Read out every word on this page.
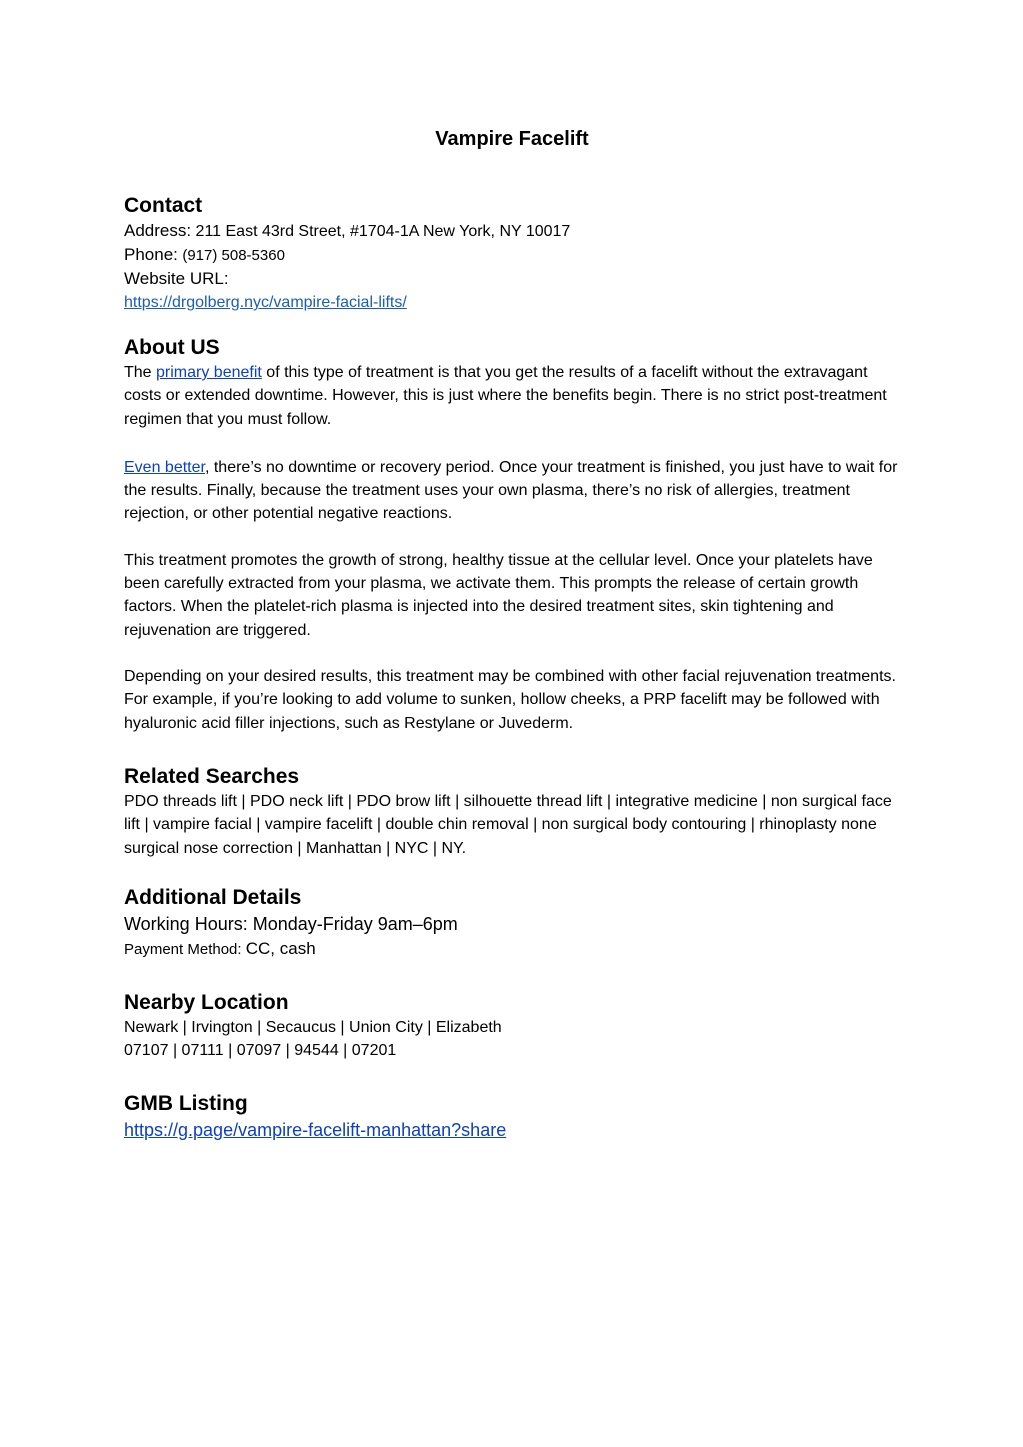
Vampire Facelift
Contact
Address: 211 East 43rd Street, #1704-1A New York, NY 10017
Phone: (917) 508-5360
Website URL:
https://drgolberg.nyc/vampire-facial-lifts/
About US

The primary benefit of this type of treatment is that you get the results of a facelift without the extravagant costs or extended downtime. However, this is just where the benefits begin. There is no strict post-treatment regimen that you must follow.

Even better, there’s no downtime or recovery period. Once your treatment is finished, you just have to wait for the results. Finally, because the treatment uses your own plasma, there’s no risk of allergies, treatment rejection, or other potential negative reactions.

This treatment promotes the growth of strong, healthy tissue at the cellular level. Once your platelets have been carefully extracted from your plasma, we activate them. This prompts the release of certain growth factors. When the platelet-rich plasma is injected into the desired treatment sites, skin tightening and rejuvenation are triggered.

Depending on your desired results, this treatment may be combined with other facial rejuvenation treatments. For example, if you’re looking to add volume to sunken, hollow cheeks, a PRP facelift may be followed with hyaluronic acid filler injections, such as Restylane or Juvederm.

Related Searches

PDO threads lift | PDO neck lift | PDO brow lift | silhouette thread lift | integrative medicine | non surgical face lift | vampire facial | vampire facelift | double chin removal | non surgical body contouring | rhinoplasty none surgical nose correction | Manhattan | NYC | NY.

Additional Details
Working Hours: Monday-Friday 9am–6pm
Payment Method: CC, cash
Nearby Location
Newark | Irvington | Secaucus | Union City | Elizabeth
07107 | 07111 | 07097 | 94544 | 07201
GMB Listing
https://g.page/vampire-facelift-manhattan?share
